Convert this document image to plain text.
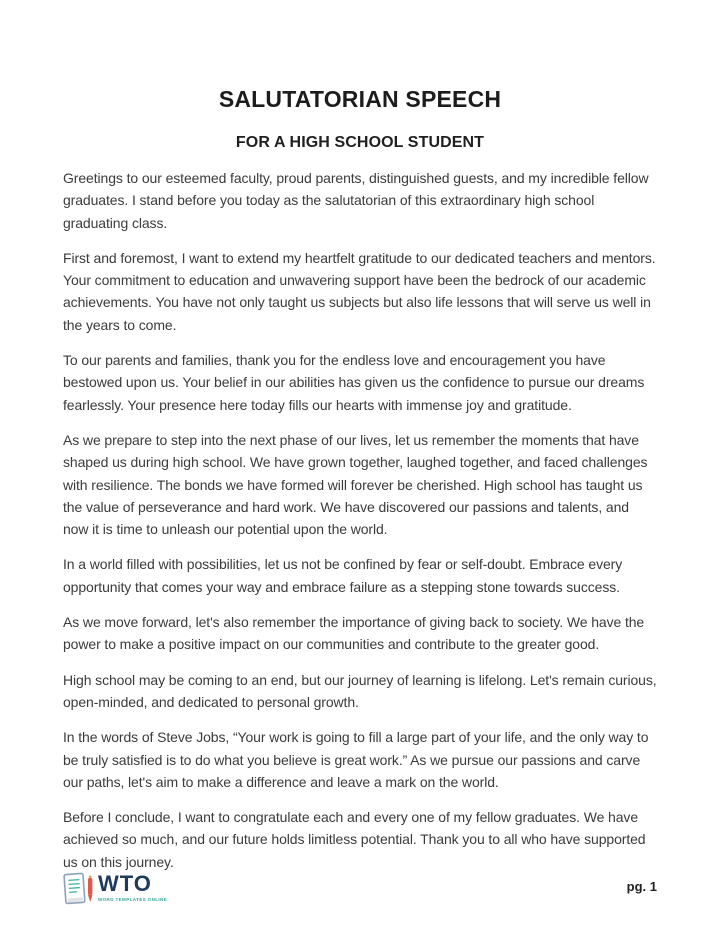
SALUTATORIAN SPEECH
FOR A HIGH SCHOOL STUDENT

Greetings to our esteemed faculty, proud parents, distinguished guests, and my incredible fellow graduates. I stand before you today as the salutatorian of this extraordinary high school graduating class.

First and foremost, I want to extend my heartfelt gratitude to our dedicated teachers and mentors. Your commitment to education and unwavering support have been the bedrock of our academic achievements. You have not only taught us subjects but also life lessons that will serve us well in the years to come.

To our parents and families, thank you for the endless love and encouragement you have bestowed upon us. Your belief in our abilities has given us the confidence to pursue our dreams fearlessly. Your presence here today fills our hearts with immense joy and gratitude.

As we prepare to step into the next phase of our lives, let us remember the moments that have shaped us during high school. We have grown together, laughed together, and faced challenges with resilience. The bonds we have formed will forever be cherished. High school has taught us the value of perseverance and hard work. We have discovered our passions and talents, and now it is time to unleash our potential upon the world.

In a world filled with possibilities, let us not be confined by fear or self-doubt. Embrace every opportunity that comes your way and embrace failure as a stepping stone towards success.

As we move forward, let's also remember the importance of giving back to society. We have the power to make a positive impact on our communities and contribute to the greater good.

High school may be coming to an end, but our journey of learning is lifelong. Let's remain curious, open-minded, and dedicated to personal growth.

In the words of Steve Jobs, “Your work is going to fill a large part of your life, and the only way to be truly satisfied is to do what you believe is great work.” As we pursue our passions and carve our paths, let's aim to make a difference and leave a mark on the world.

Before I conclude, I want to congratulate each and every one of my fellow graduates. We have achieved so much, and our future holds limitless potential. Thank you to all who have supported us on this journey.

WTO
WORD TEMPLATES ONLINE
pg. 1
